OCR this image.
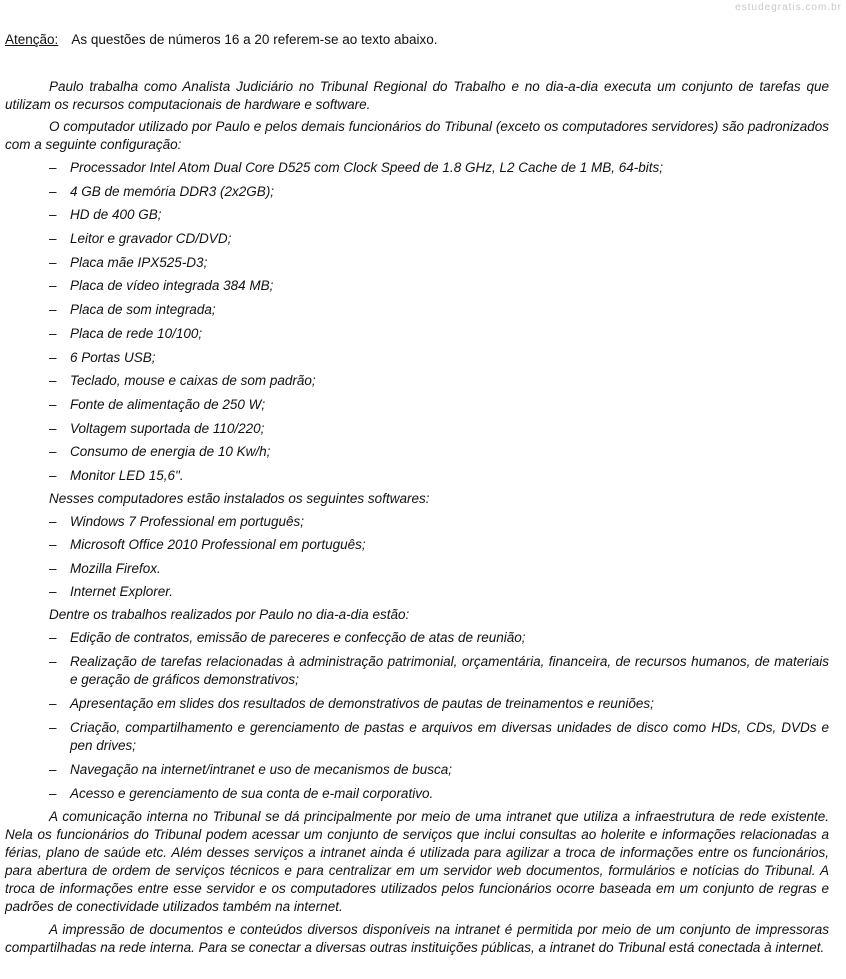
estudegratis.com.br

Atenção: As questões de números 16 a 20 referem-se ao texto abaixo.

Paulo trabalha como Analista Judiciário no Tribunal Regional do Trabalho e no dia-a-dia executa um conjunto de tarefas que utilizam os recursos computacionais de hardware e software.

O computador utilizado por Paulo e pelos demais funcionários do Tribunal (exceto os computadores servidores) são padronizados com a seguinte configuração:

– Processador Intel Atom Dual Core D525 com Clock Speed de 1.8 GHz, L2 Cache de 1 MB, 64-bits;
– 4 GB de memória DDR3 (2x2GB);
– HD de 400 GB;
– Leitor e gravador CD/DVD;
– Placa mãe IPX525-D3;
– Placa de vídeo integrada 384 MB;
– Placa de som integrada;
– Placa de rede 10/100;
– 6 Portas USB;
– Teclado, mouse e caixas de som padrão;
– Fonte de alimentação de 250 W;
– Voltagem suportada de 110/220;
– Consumo de energia de 10 Kw/h;
– Monitor LED 15,6".

Nesses computadores estão instalados os seguintes softwares:

– Windows 7 Professional em português;
– Microsoft Office 2010 Professional em português;
– Mozilla Firefox.
– Internet Explorer.

Dentre os trabalhos realizados por Paulo no dia-a-dia estão:

– Edição de contratos, emissão de pareceres e confecção de atas de reunião;
– Realização de tarefas relacionadas à administração patrimonial, orçamentária, financeira, de recursos humanos, de materiais e geração de gráficos demonstrativos;
– Apresentação em slides dos resultados de demonstrativos de pautas de treinamentos e reuniões;
– Criação, compartilhamento e gerenciamento de pastas e arquivos em diversas unidades de disco como HDs, CDs, DVDs e pen drives;
– Navegação na internet/intranet e uso de mecanismos de busca;
– Acesso e gerenciamento de sua conta de e-mail corporativo.

A comunicação interna no Tribunal se dá principalmente por meio de uma intranet que utiliza a infraestrutura de rede existente. Nela os funcionários do Tribunal podem acessar um conjunto de serviços que inclui consultas ao holerite e informações relacionadas a férias, plano de saúde etc. Além desses serviços a intranet ainda é utilizada para agilizar a troca de informações entre os funcionários, para abertura de ordem de serviços técnicos e para centralizar em um servidor web documentos, formulários e notícias do Tribunal. A troca de informações entre esse servidor e os computadores utilizados pelos funcionários ocorre baseada em um conjunto de regras e padrões de conectividade utilizados também na internet.

A impressão de documentos e conteúdos diversos disponíveis na intranet é permitida por meio de um conjunto de impressoras compartilhadas na rede interna. Para se conectar a diversas outras instituições públicas, a intranet do Tribunal está conectada à internet.
